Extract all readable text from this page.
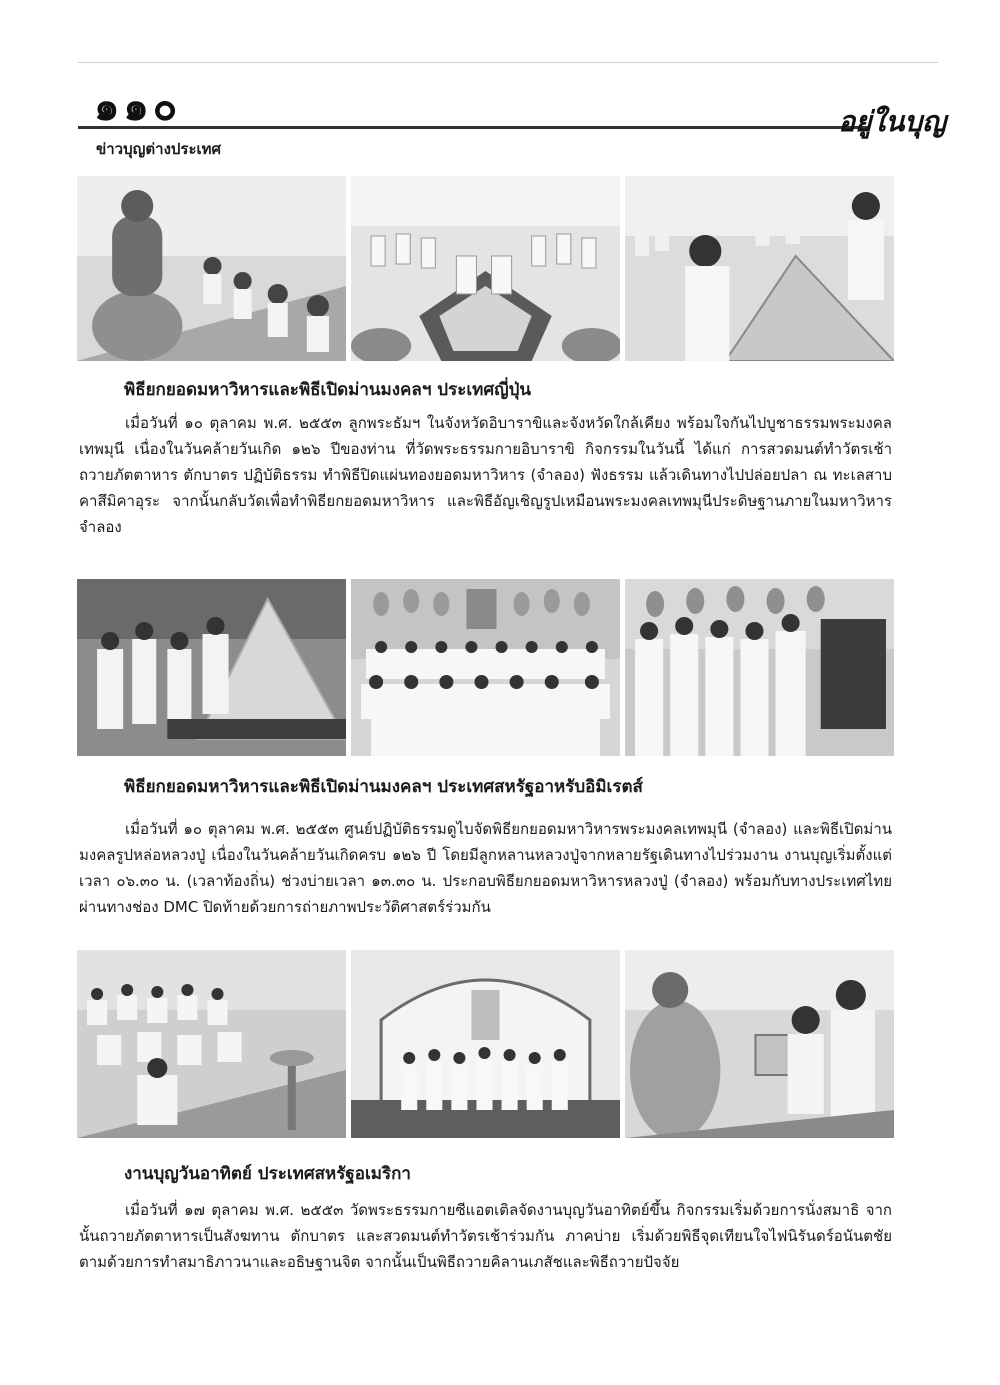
๑๑๐	อยู่ในบุญ
ข่าวบุญต่างประเทศ
พิธียกยอดมหาวิหารและพิธีเปิดม่านมงคลฯ ประเทศญี่ปุ่น

เมื่อวันที่ ๑๐ ตุลาคม พ.ศ. ๒๕๕๓ ลูกพระธัมฯ ในจังหวัดอิบาราขิและจังหวัดใกล้เคียง พร้อมใจกันไปบูชาธรรมพระมงคลเทพมุนี เนื่องในวันคล้ายวันเกิด ๑๒๖ ปีของท่าน ที่วัดพระธรรมกายอิบาราขิ กิจกรรมในวันนี้ ได้แก่ การสวดมนต์ทำวัตรเช้า ถวายภัตตาหาร ตักบาตร ปฏิบัติธรรม ทำพิธีปิดแผ่นทองยอดมหาวิหาร (จำลอง) ฟังธรรม แล้วเดินทางไปปล่อยปลา ณ ทะเลสาบคาสึมิคาอุระ จากนั้นกลับวัดเพื่อทำพิธียกยอดมหาวิหาร และพิธีอัญเชิญรูปเหมือนพระมงคลเทพมุนีประดิษฐานภายในมหาวิหารจำลอง

พิธียกยอดมหาวิหารและพิธีเปิดม่านมงคลฯ ประเทศสหรัฐอาหรับอิมิเรตส์

เมื่อวันที่ ๑๐ ตุลาคม พ.ศ. ๒๕๕๓ ศูนย์ปฏิบัติธรรมดูไบจัดพิธียกยอดมหาวิหารพระมงคลเทพมุนี (จำลอง) และพิธีเปิดม่านมงคลรูปหล่อหลวงปู่ เนื่องในวันคล้ายวันเกิดครบ ๑๒๖ ปี โดยมีลูกหลานหลวงปู่จากหลายรัฐเดินทางไปร่วมงาน งานบุญเริ่มตั้งแต่เวลา ๐๖.๓๐ น. (เวลาท้องถิ่น) ช่วงบ่ายเวลา ๑๓.๓๐ น. ประกอบพิธียกยอดมหาวิหารหลวงปู่ (จำลอง) พร้อมกับทางประเทศไทย ผ่านทางช่อง DMC ปิดท้ายด้วยการถ่ายภาพประวัติศาสตร์ร่วมกัน

งานบุญวันอาทิตย์ ประเทศสหรัฐอเมริกา

เมื่อวันที่ ๑๗ ตุลาคม พ.ศ. ๒๕๕๓ วัดพระธรรมกายซีแอตเติลจัดงานบุญวันอาทิตย์ขึ้น กิจกรรมเริ่มด้วยการนั่งสมาธิ จากนั้นถวายภัตตาหารเป็นสังฆทาน ตักบาตร และสวดมนต์ทำวัตรเช้าร่วมกัน ภาคบ่าย เริ่มด้วยพิธีจุดเทียนใจไฟนิรันดร์อนันตชัย ตามด้วยการทำสมาธิภาวนาและอธิษฐานจิต จากนั้นเป็นพิธีถวายคิลานเภสัชและพิธีถวายปัจจัย
